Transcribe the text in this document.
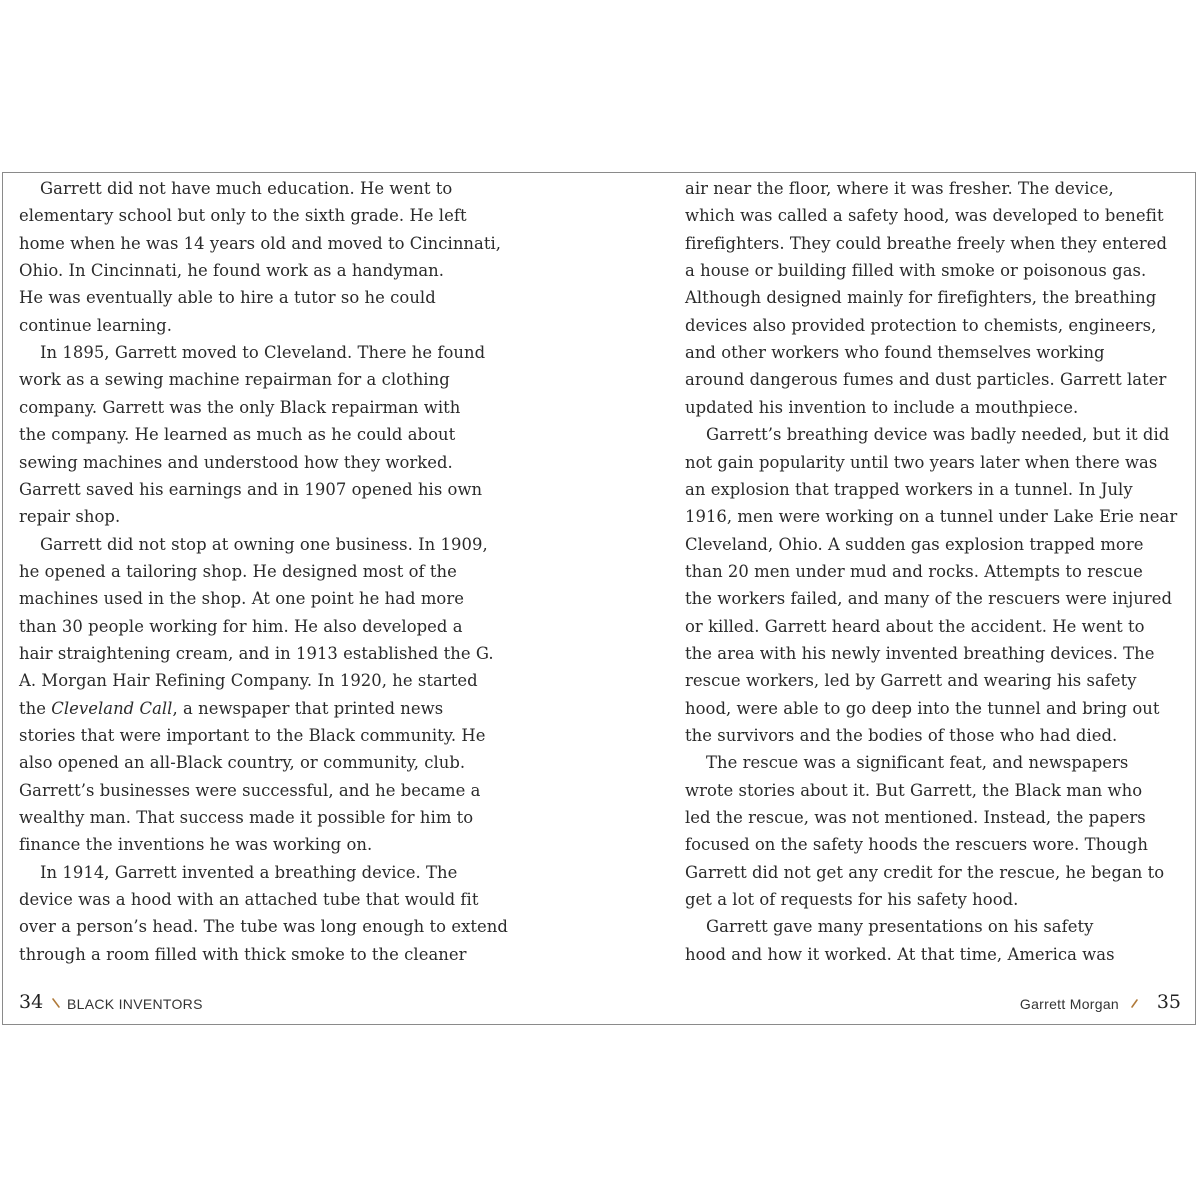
Garrett did not have much education. He went to
elementary school but only to the sixth grade. He left
home when he was 14 years old and moved to Cincinnati,
Ohio. In Cincinnati, he found work as a handyman.
He was eventually able to hire a tutor so he could
continue learning.
In 1895, Garrett moved to Cleveland. There he found
work as a sewing machine repairman for a clothing
company. Garrett was the only Black repairman with
the company. He learned as much as he could about
sewing machines and understood how they worked.
Garrett saved his earnings and in 1907 opened his own
repair shop.
Garrett did not stop at owning one business. In 1909,
he opened a tailoring shop. He designed most of the
machines used in the shop. At one point he had more
than 30 people working for him. He also developed a
hair straightening cream, and in 1913 established the G.
A. Morgan Hair Refining Company. In 1920, he started
the Cleveland Call, a newspaper that printed news
stories that were important to the Black community. He
also opened an all-Black country, or community, club.
Garrett’s businesses were successful, and he became a
wealthy man. That success made it possible for him to
finance the inventions he was working on.
In 1914, Garrett invented a breathing device. The
device was a hood with an attached tube that would fit
over a person’s head. The tube was long enough to extend
through a room filled with thick smoke to the cleaner
air near the floor, where it was fresher. The device,
which was called a safety hood, was developed to benefit
firefighters. They could breathe freely when they entered
a house or building filled with smoke or poisonous gas.
Although designed mainly for firefighters, the breathing
devices also provided protection to chemists, engineers,
and other workers who found themselves working
around dangerous fumes and dust particles. Garrett later
updated his invention to include a mouthpiece.
Garrett’s breathing device was badly needed, but it did
not gain popularity until two years later when there was
an explosion that trapped workers in a tunnel. In July
1916, men were working on a tunnel under Lake Erie near
Cleveland, Ohio. A sudden gas explosion trapped more
than 20 men under mud and rocks. Attempts to rescue
the workers failed, and many of the rescuers were injured
or killed. Garrett heard about the accident. He went to
the area with his newly invented breathing devices. The
rescue workers, led by Garrett and wearing his safety
hood, were able to go deep into the tunnel and bring out
the survivors and the bodies of those who had died.
The rescue was a significant feat, and newspapers
wrote stories about it. But Garrett, the Black man who
led the rescue, was not mentioned. Instead, the papers
focused on the safety hoods the rescuers wore. Though
Garrett did not get any credit for the rescue, he began to
get a lot of requests for his safety hood.
Garrett gave many presentations on his safety
hood and how it worked. At that time, America was
34 BLACK INVENTORS	Garrett Morgan 35
